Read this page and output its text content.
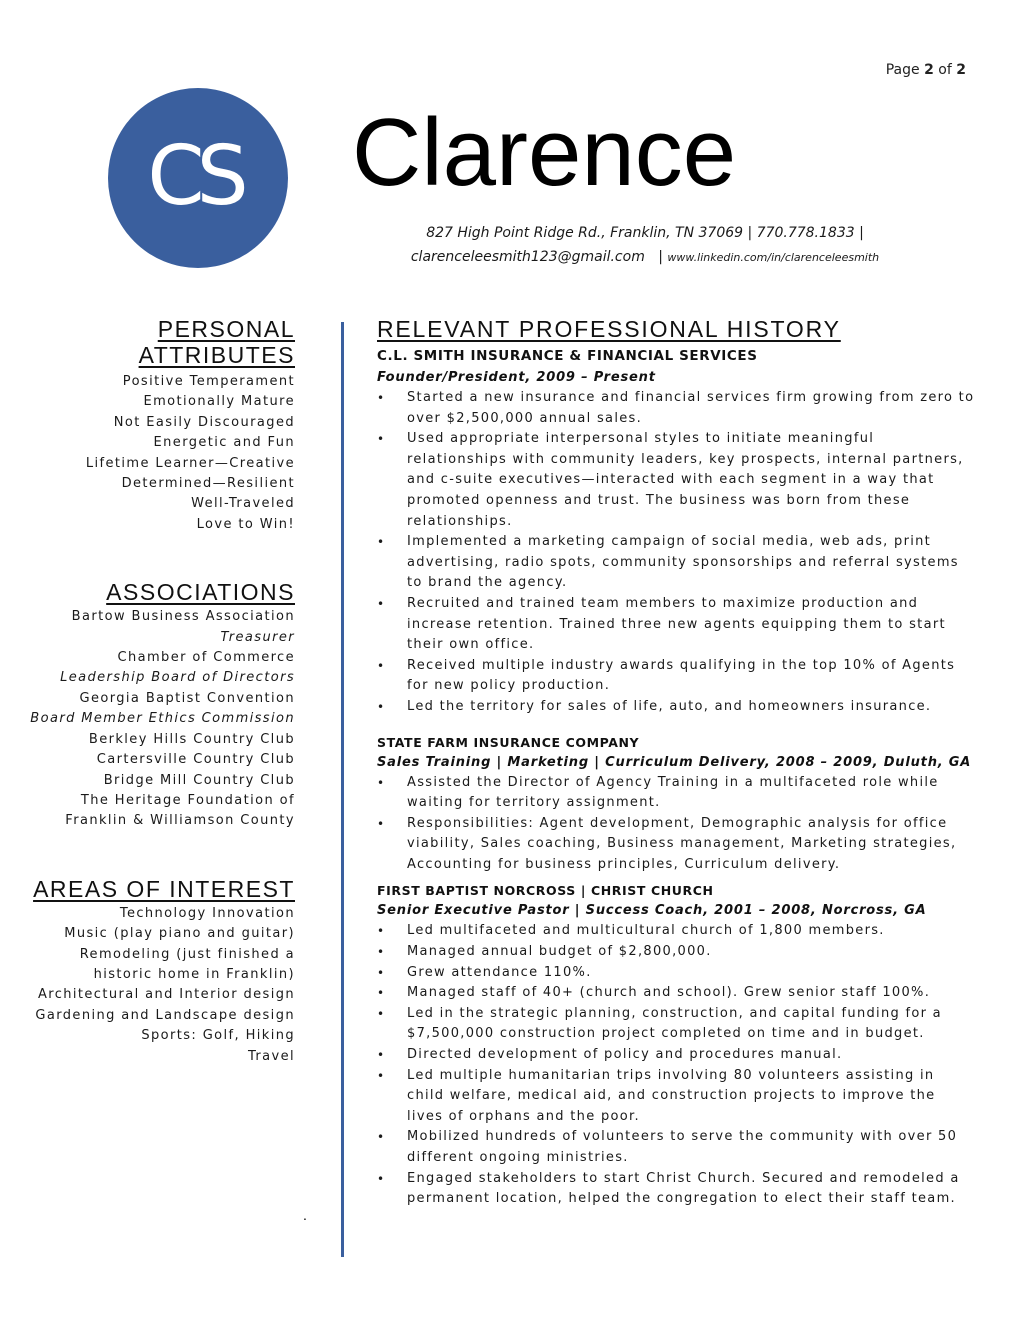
Page 2 of 2
CS Clarence
827 High Point Ridge Rd., Franklin, TN 37069 | 770.778.1833 |
clarenceleesmith123@gmail.com | www.linkedin.com/in/clarenceleesmith
PERSONAL
ATTRIBUTES
Positive Temperament
Emotionally Mature
Not Easily Discouraged
Energetic and Fun
Lifetime Learner—Creative
Determined—Resilient
Well-Traveled
Love to Win!
ASSOCIATIONS
Bartow Business Association
Treasurer
Chamber of Commerce
Leadership Board of Directors
Georgia Baptist Convention
Board Member Ethics Commission
Berkley Hills Country Club
Cartersville Country Club
Bridge Mill Country Club
The Heritage Foundation of
Franklin & Williamson County
AREAS OF INTEREST
Technology Innovation
Music (play piano and guitar)
Remodeling (just finished a
historic home in Franklin)
Architectural and Interior design
Gardening and Landscape design
Sports: Golf, Hiking
Travel
.
RELEVANT PROFESSIONAL HISTORY
C.L. SMITH INSURANCE & FINANCIAL SERVICES
Founder/President, 2009 – Present
• Started a new insurance and financial services firm growing from zero to over $2,500,000 annual sales.
• Used appropriate interpersonal styles to initiate meaningful relationships with community leaders, key prospects, internal partners, and c-suite executives—interacted with each segment in a way that promoted openness and trust. The business was born from these relationships.
• Implemented a marketing campaign of social media, web ads, print advertising, radio spots, community sponsorships and referral systems to brand the agency.
• Recruited and trained team members to maximize production and increase retention. Trained three new agents equipping them to start their own office.
• Received multiple industry awards qualifying in the top 10% of Agents for new policy production.
• Led the territory for sales of life, auto, and homeowners insurance.
STATE FARM INSURANCE COMPANY
Sales Training | Marketing | Curriculum Delivery, 2008 – 2009, Duluth, GA
• Assisted the Director of Agency Training in a multifaceted role while waiting for territory assignment.
• Responsibilities: Agent development, Demographic analysis for office viability, Sales coaching, Business management, Marketing strategies, Accounting for business principles, Curriculum delivery.
FIRST BAPTIST NORCROSS | CHRIST CHURCH
Senior Executive Pastor | Success Coach, 2001 – 2008, Norcross, GA
• Led multifaceted and multicultural church of 1,800 members.
• Managed annual budget of $2,800,000.
• Grew attendance 110%.
• Managed staff of 40+ (church and school). Grew senior staff 100%.
• Led in the strategic planning, construction, and capital funding for a $7,500,000 construction project completed on time and in budget.
• Directed development of policy and procedures manual.
• Led multiple humanitarian trips involving 80 volunteers assisting in child welfare, medical aid, and construction projects to improve the lives of orphans and the poor.
• Mobilized hundreds of volunteers to serve the community with over 50 different ongoing ministries.
• Engaged stakeholders to start Christ Church. Secured and remodeled a permanent location, helped the congregation to elect their staff team.
